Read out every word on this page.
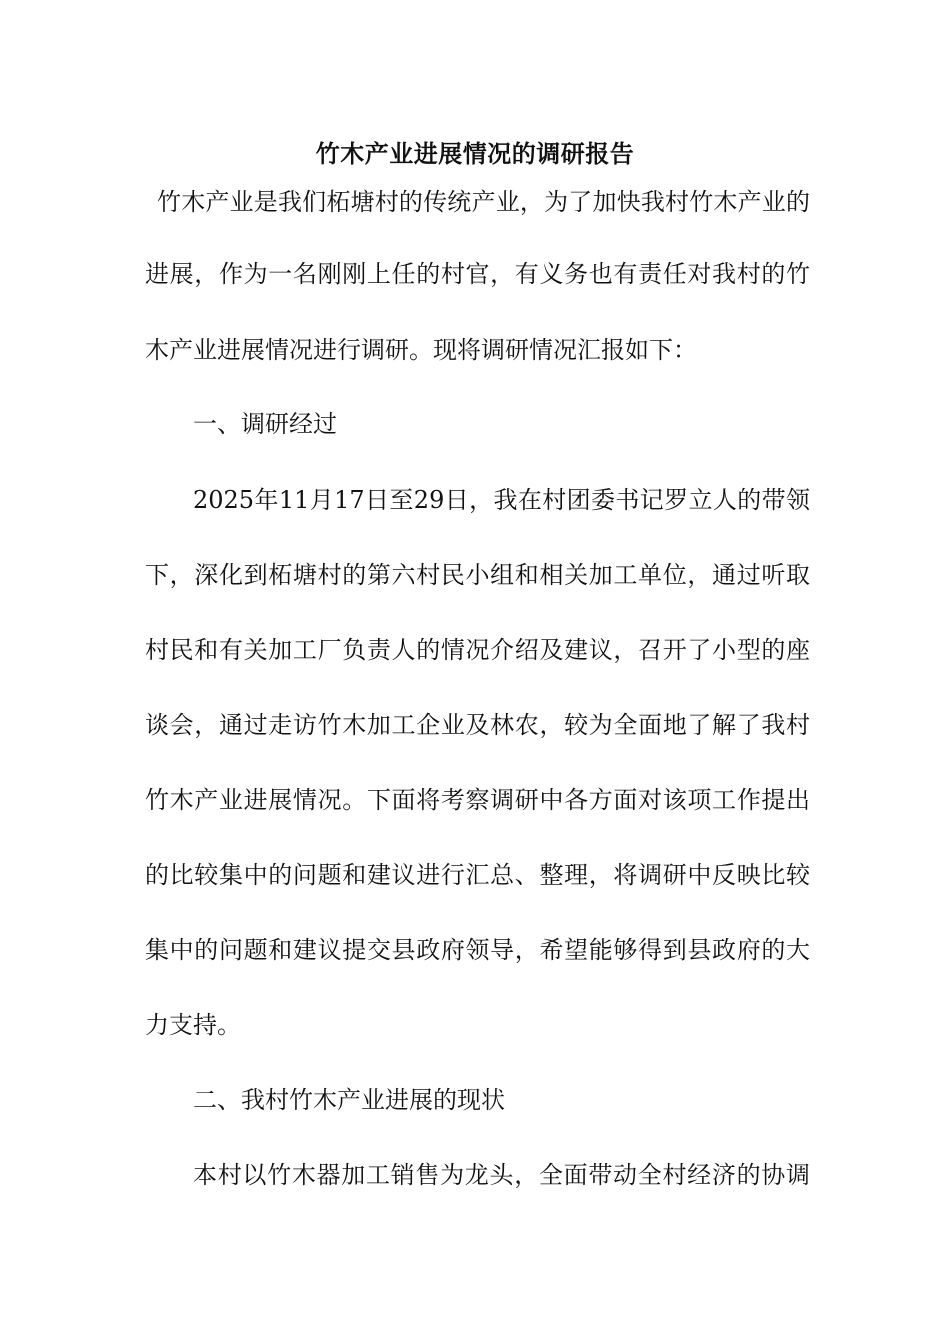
竹木产业进展情况的调研报告
竹木产业是我们柘塘村的传统产业，为了加快我村竹木产业的
进展，作为一名刚刚上任的村官，有义务也有责任对我村的竹
木产业进展情况进行调研。现将调研情况汇报如下：
一、调研经过
2025年11月17日至29日，我在村团委书记罗立人的带领
下，深化到柘塘村的第六村民小组和相关加工单位，通过听取
村民和有关加工厂负责人的情况介绍及建议，召开了小型的座
谈会，通过走访竹木加工企业及林农，较为全面地了解了我村
竹木产业进展情况。下面将考察调研中各方面对该项工作提出
的比较集中的问题和建议进行汇总、整理，将调研中反映比较
集中的问题和建议提交县政府领导，希望能够得到县政府的大
力支持。
二、我村竹木产业进展的现状
本村以竹木器加工销售为龙头，全面带动全村经济的协调
